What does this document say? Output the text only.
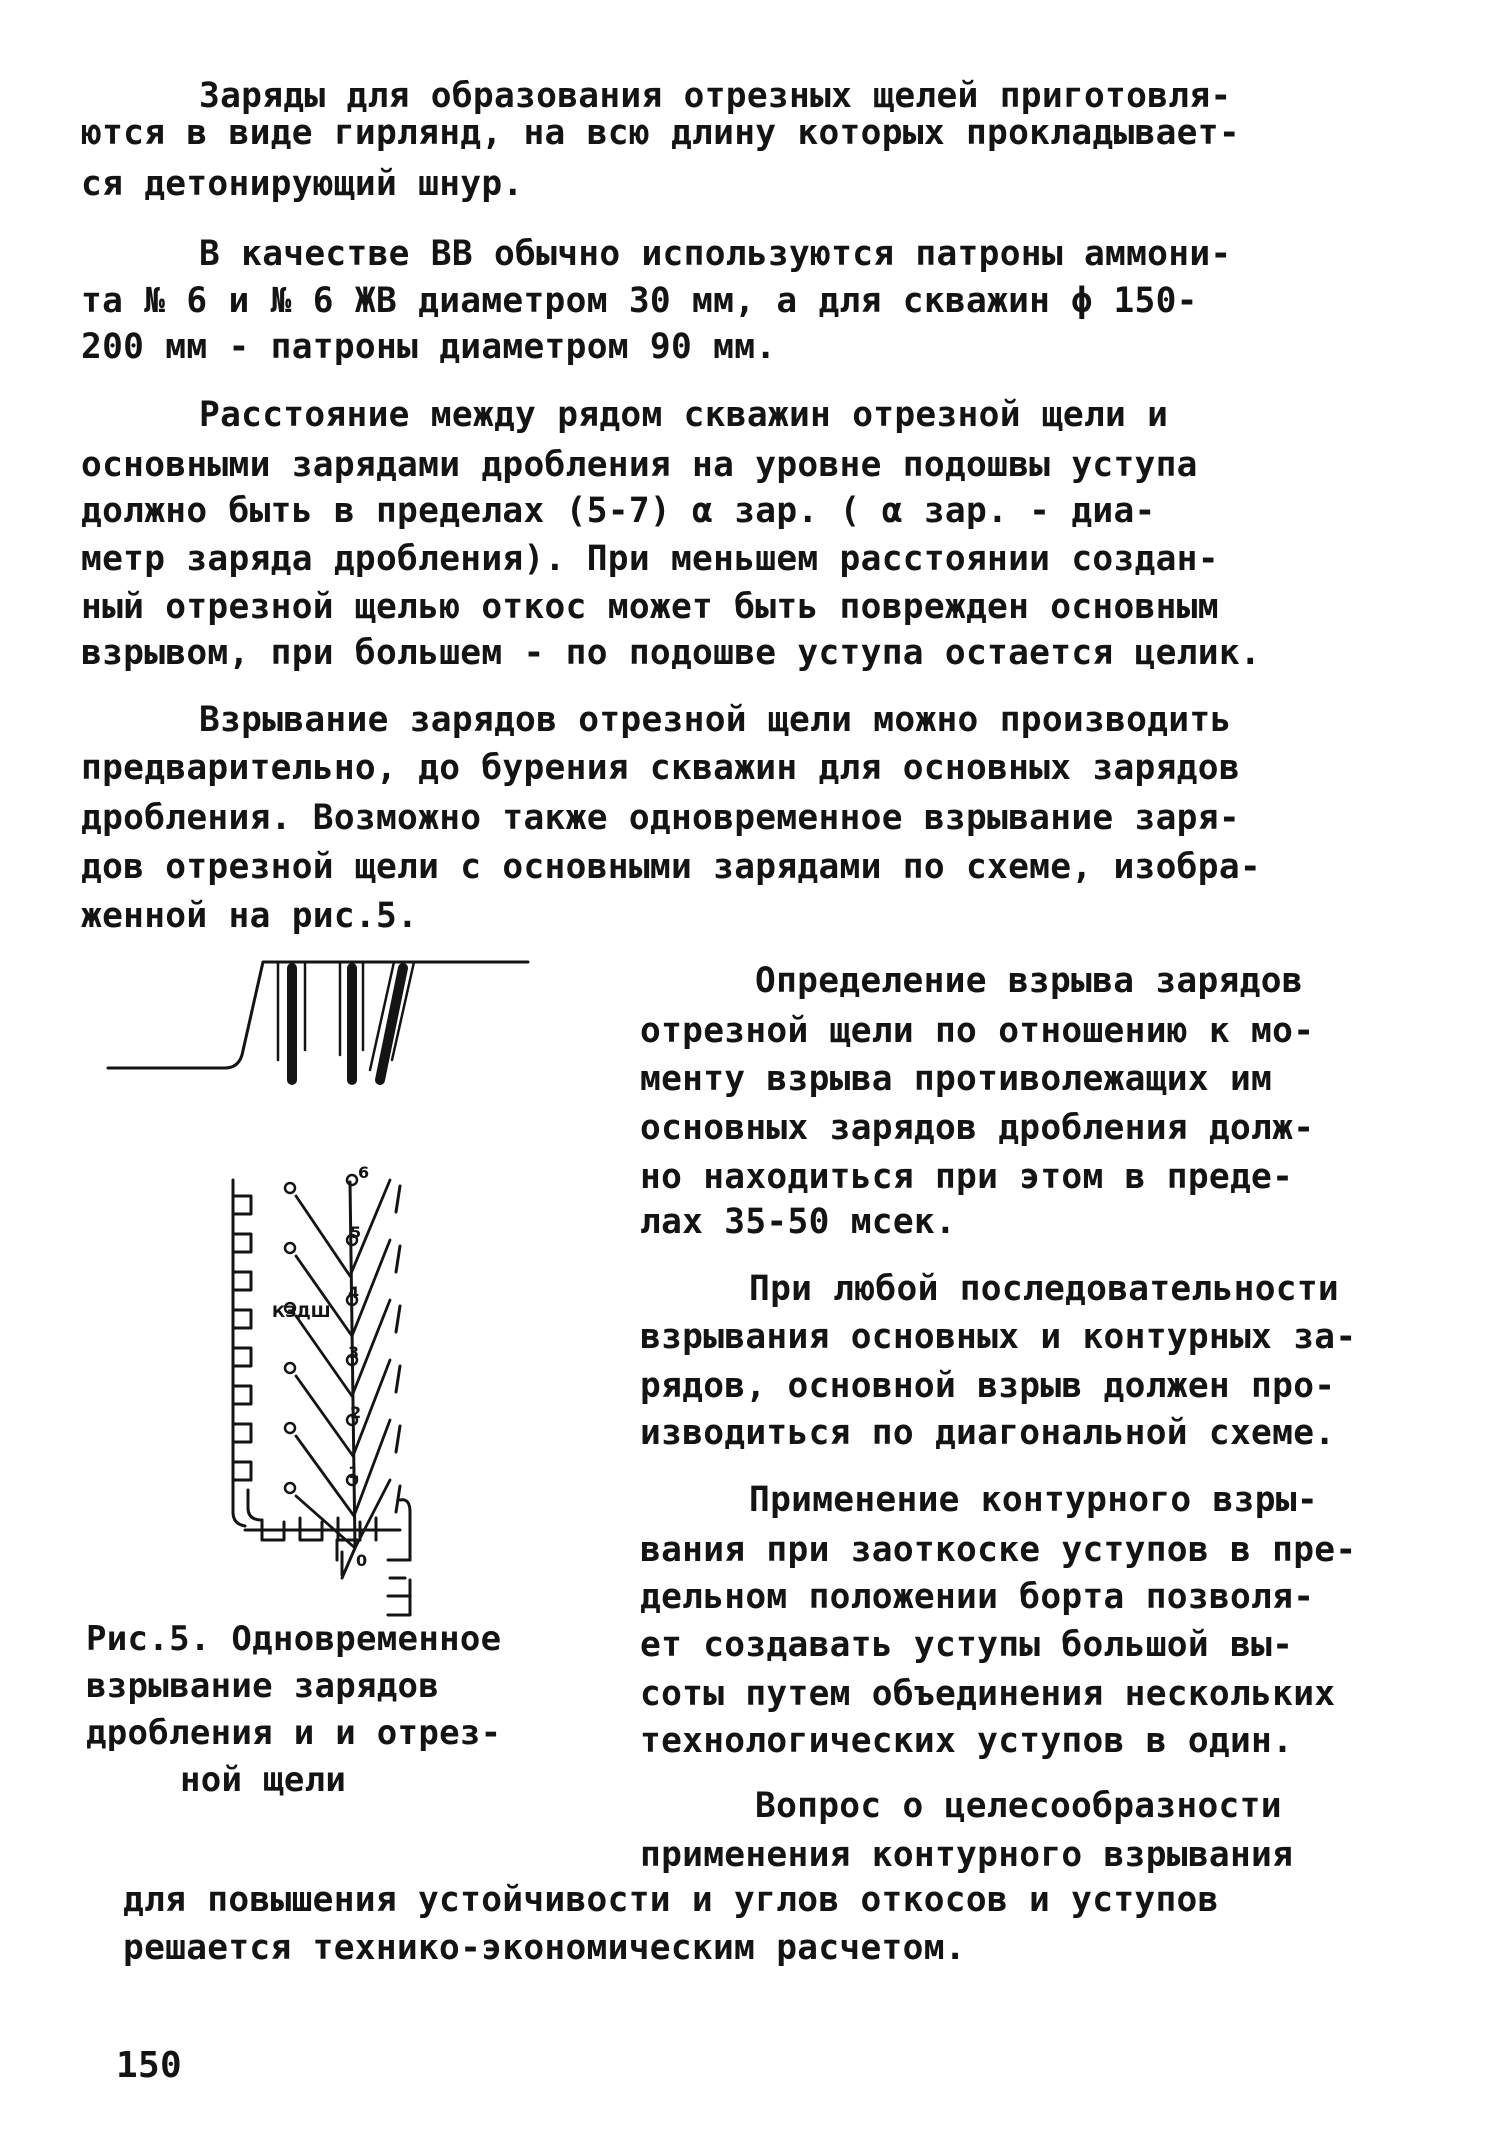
Заряды для образования отрезных щелей приготовля-
ются в виде гирлянд, на всю длину которых прокладывает-
ся детонирующий шнур.
В качестве ВВ обычно используются патроны аммони-
та № 6 и № 6 ЖВ диаметром 30 мм, а для скважин ϕ 150-
200 мм - патроны диаметром 90 мм.
Расстояние между рядом скважин отрезной щели и
основными зарядами дробления на уровне подошвы уступа
должно быть в пределах (5-7) α зар. ( α зар. - диа-
метр заряда дробления). При меньшем расстоянии создан-
ный отрезной щелью откос может быть поврежден основным
взрывом, при большем - по подошве уступа остается целик.
Взрывание зарядов отрезной щели можно производить
предварительно, до бурения скважин для основных зарядов
дробления. Возможно также одновременное взрывание заря-
дов отрезной щели с основными зарядами по схеме, изобра-
женной на рис.5.
Определение взрыва зарядов
отрезной щели по отношению к мо-
менту взрыва противолежащих им
основных зарядов дробления долж-
но находиться при этом в преде-
лах 35-50 мсек.
При любой последовательности
взрывания основных и контурных за-
рядов, основной взрыв должен про-
изводиться по диагональной схеме.
Применение контурного взры-
вания при заоткоске уступов в пре-
дельном положении борта позволя-
ет создавать уступы большой вы-
соты путем объединения нескольких
технологических уступов в один.
Вопрос о целесообразности
применения контурного взрывания
для повышения устойчивости и углов откосов и уступов
решается технико-экономическим расчетом.
Рис.5. Одновременное
взрывание зарядов
дробления и и отрез-
ной щели
150
КЗДШ
6
5
4
3
2
1
0
